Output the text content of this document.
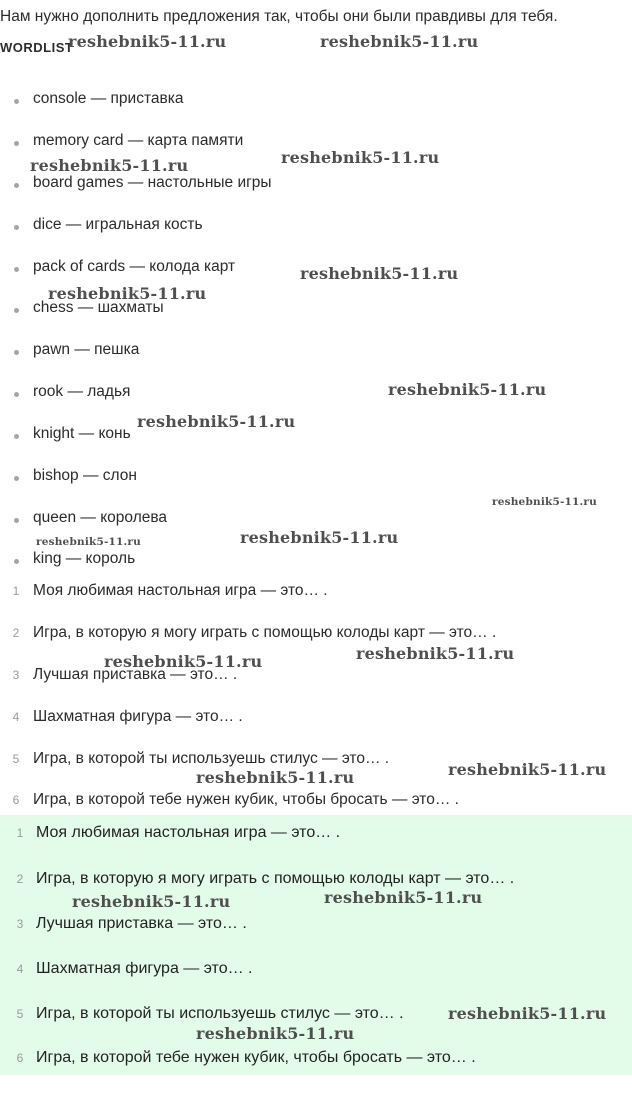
Нам нужно дополнить предложения так, чтобы они были правдивы для тебя.
WORDLIST
console — приставка
memory card — карта памяти
board games — настольные игры
dice — игральная кость
pack of cards — колода карт
chess — шахматы
pawn — пешка
rook — ладья
knight — конь
bishop — слон
queen — королева
king — король
1 Моя любимая настольная игра — это… .
2 Игра, в которую я могу играть с помощью колоды карт — это… .
3 Лучшая приставка — это… .
4 Шахматная фигура — это… .
5 Игра, в которой ты используешь стилус — это… .
6 Игра, в которой тебе нужен кубик, чтобы бросать — это… .
1 Моя любимая настольная игра — это… .
2 Игра, в которую я могу играть с помощью колоды карт — это… .
3 Лучшая приставка — это… .
4 Шахматная фигура — это… .
5 Игра, в которой ты используешь стилус — это… .
6 Игра, в которой тебе нужен кубик, чтобы бросать — это… .
reshebnik5-11.ru	reshebnik5-11.ru
reshebnik5-11.ru	reshebnik5-11.ru
reshebnik5-11.ru
reshebnik5-11.ru
reshebnik5-11.ru
reshebnik5-11.ru
reshebnik5-11.ru
reshebnik5-11.ru
reshebnik5-11.ru
reshebnik5-11.ru	reshebnik5-11.ru
reshebnik5-11.ru
reshebnik5-11.ru
reshebnik5-11.ru	reshebnik5-11.ru
reshebnik5-11.ru
reshebnik5-11.ru
